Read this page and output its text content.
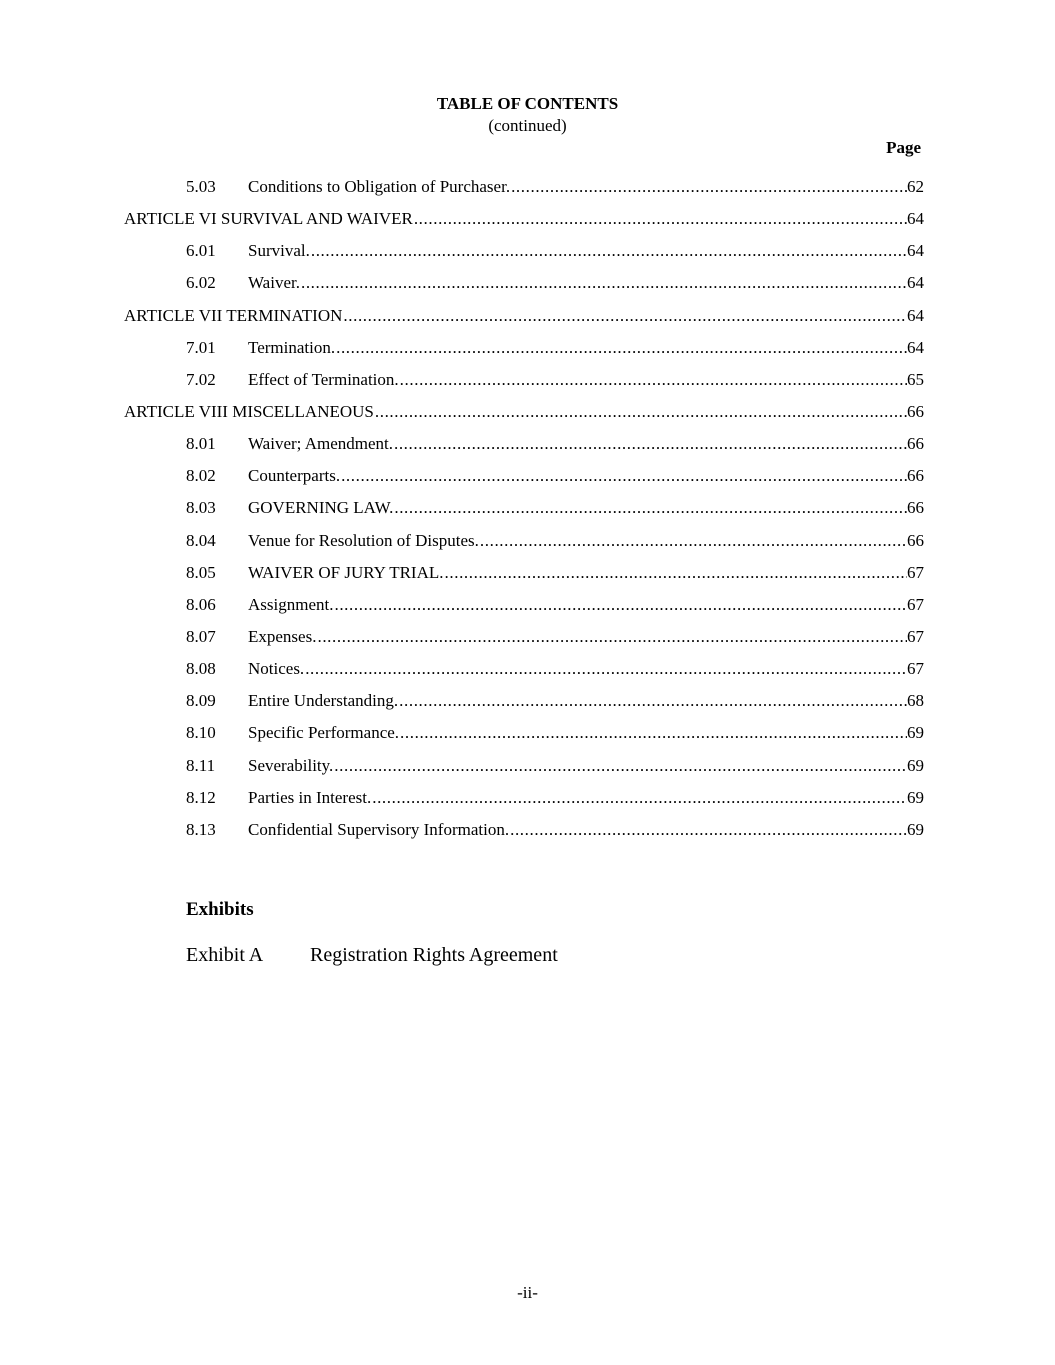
TABLE OF CONTENTS
(continued)
Page
5.03 Conditions to Obligation of Purchaser. .....	62
ARTICLE VI SURVIVAL AND WAIVER .....	64
6.01 Survival. .....	64
6.02 Waiver. .....	64
ARTICLE VII TERMINATION .....	64
7.01 Termination. .....	64
7.02 Effect of Termination. .....	65
ARTICLE VIII MISCELLANEOUS .....	66
8.01 Waiver; Amendment. .....	66
8.02 Counterparts. .....	66
8.03 GOVERNING LAW. .....	66
8.04 Venue for Resolution of Disputes. .....	66
8.05 WAIVER OF JURY TRIAL. .....	67
8.06 Assignment. .....	67
8.07 Expenses. .....	67
8.08 Notices. .....	67
8.09 Entire Understanding. .....	68
8.10 Specific Performance. .....	69
8.11 Severability. .....	69
8.12 Parties in Interest. .....	69
8.13 Confidential Supervisory Information. .....	69
Exhibits
Exhibit A Registration Rights Agreement
-ii-
